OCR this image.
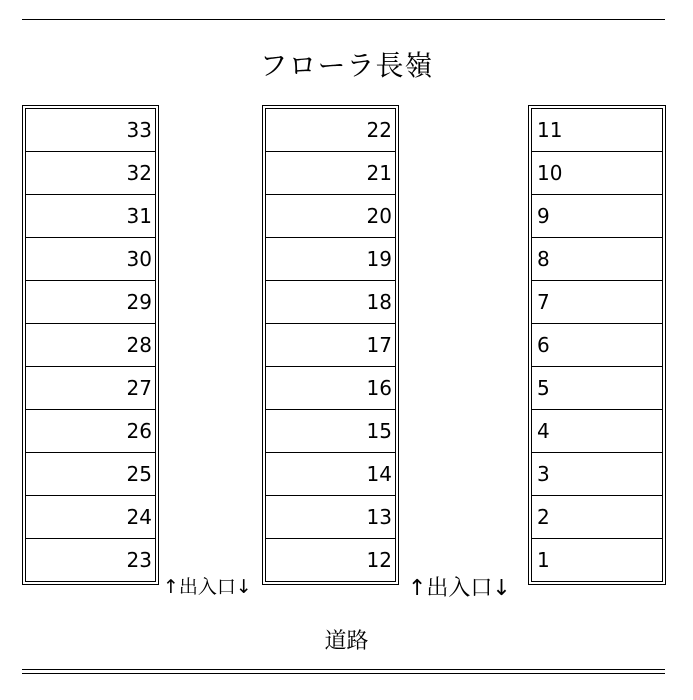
フローラ長嶺
33
32
31
30
29
28
27
26
25
24
23
22
21
20
19
18
17
16
15
14
13
12
11
10
9
8
7
6
5
4
3
2
1
↑出入口↓	↑出入口↓
道路
